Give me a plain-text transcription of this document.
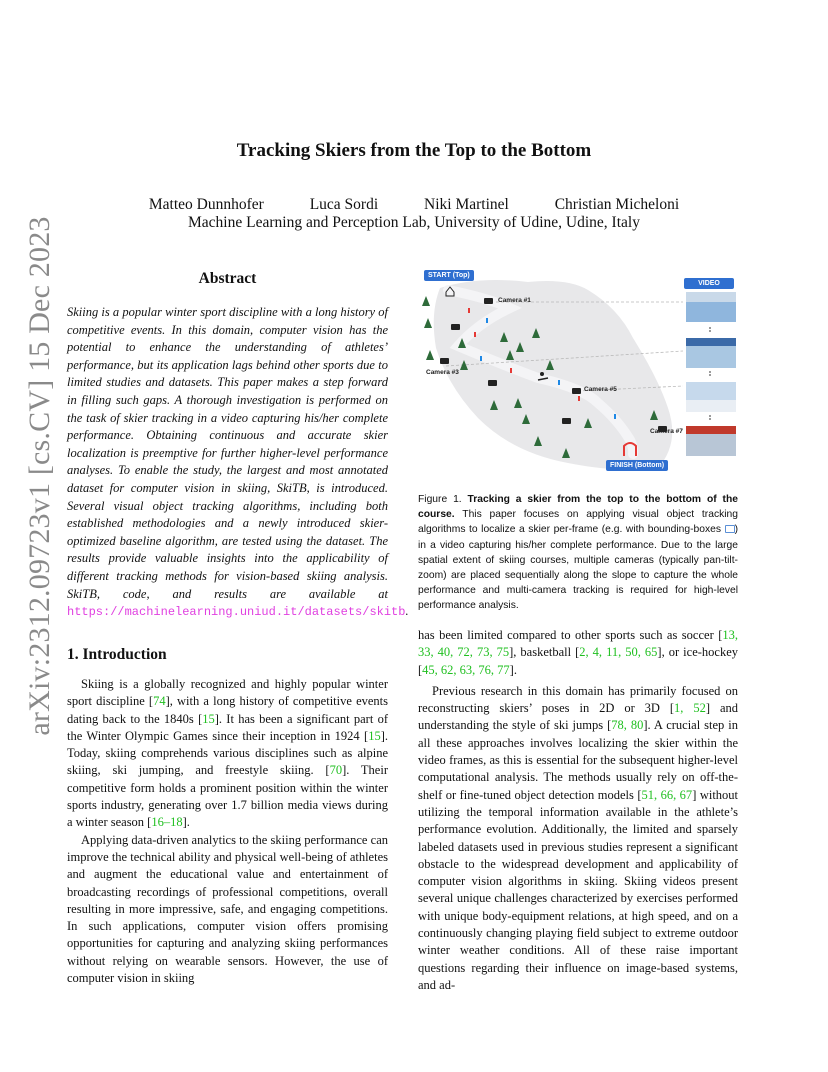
arXiv:2312.09723v1 [cs.CV] 15 Dec 2023
Tracking Skiers from the Top to the Bottom
Matteo Dunnhofer	Luca Sordi	Niki Martinel	Christian Micheloni
Machine Learning and Perception Lab, University of Udine, Udine, Italy
Abstract
Skiing is a popular winter sport discipline with a long history of competitive events. In this domain, computer vision has the potential to enhance the understanding of athletes’ performance, but its application lags behind other sports due to limited studies and datasets. This paper makes a step forward in filling such gaps. A thorough investigation is performed on the task of skier tracking in a video capturing his/her complete performance. Obtaining continuous and accurate skier localization is preemptive for further higher-level performance analyses. To enable the study, the largest and most annotated dataset for computer vision in skiing, SkiTB, is introduced. Several visual object tracking algorithms, including both established methodologies and a newly introduced skier-optimized baseline algorithm, are tested using the dataset. The results provide valuable insights into the applicability of different tracking methods for vision-based skiing analysis. SkiTB, code, and results are available at https://machinelearning.uniud.it/datasets/skitb.
START (Top)
FINISH (Bottom)
VIDEO
Camera #1
Camera #3
Camera #5
Camera #7
Figure 1. Tracking a skier from the top to the bottom of the course. This paper focuses on applying visual object tracking algorithms to localize a skier per-frame (e.g. with bounding-boxes ) in a video capturing his/her complete performance. Due to the large spatial extent of skiing courses, multiple cameras (typically pan-tilt-zoom) are placed sequentially along the slope to capture the whole performance and multi-camera tracking is required for high-level performance analysis.
1. Introduction

Skiing is a globally recognized and highly popular winter sport discipline [74], with a long history of competitive events dating back to the 1840s [15]. It has been a significant part of the Winter Olympic Games since their inception in 1924 [15]. Today, skiing comprehends various disciplines such as alpine skiing, ski jumping, and freestyle skiing. [70]. Their competitive form holds a prominent position within the winter sports industry, generating over 1.7 billion media views during a winter season [16–18].

Applying data-driven analytics to the skiing performance can improve the technical ability and physical well-being of athletes and augment the educational value and entertainment of broadcasting recordings of professional competitions, overall resulting in more impressive, safe, and engaging competitions. In such applications, computer vision offers promising opportunities for capturing and analyzing skiing performances without relying on wearable sensors. However, the use of computer vision in skiing

has been limited compared to other sports such as soccer [13, 33, 40, 72, 73, 75], basketball [2, 4, 11, 50, 65], or ice-hockey [45, 62, 63, 76, 77].

Previous research in this domain has primarily focused on reconstructing skiers’ poses in 2D or 3D [1, 52] and understanding the style of ski jumps [78, 80]. A crucial step in all these approaches involves localizing the skier within the video frames, as this is essential for the subsequent higher-level computational analysis. The methods usually rely on off-the-shelf or fine-tuned object detection models [51, 66, 67] without utilizing the temporal information available in the athlete’s performance evolution. Additionally, the limited and sparsely labeled datasets used in previous studies represent a significant obstacle to the widespread development and applicability of computer vision algorithms in skiing. Skiing videos present several unique challenges characterized by exercises performed with unique body-equipment relations, at high speed, and on a continuously changing playing field subject to extreme outdoor winter weather conditions. All of these raise important questions regarding their influence on image-based systems, and ad-
